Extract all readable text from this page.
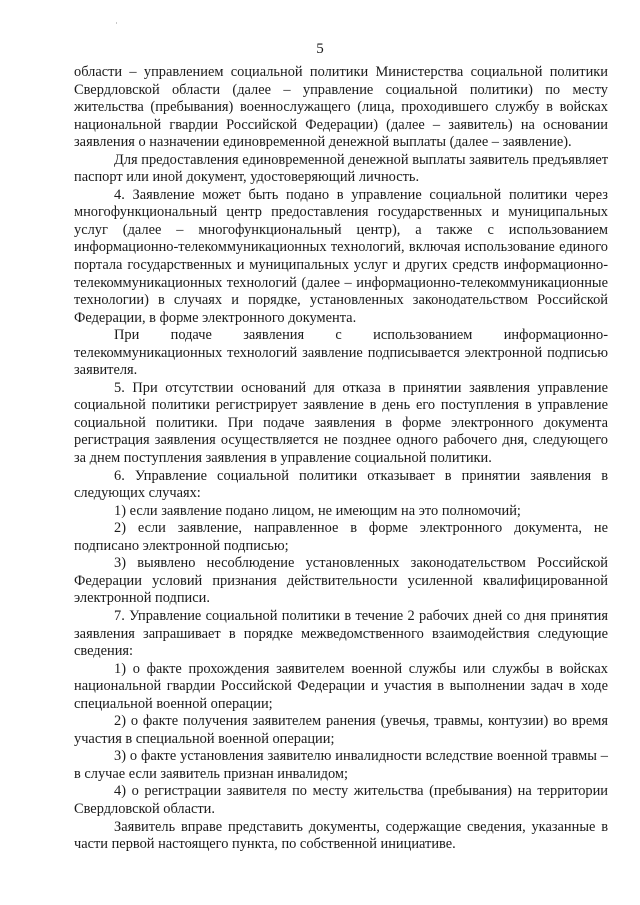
5

области – управлением социальной политики Министерства социальной политики Свердловской области (далее – управление социальной политики) по месту жительства (пребывания) военнослужащего (лица, проходившего службу в войсках национальной гвардии Российской Федерации) (далее – заявитель) на основании заявления о назначении единовременной денежной выплаты (далее – заявление).

Для предоставления единовременной денежной выплаты заявитель предъявляет паспорт или иной документ, удостоверяющий личность.

4. Заявление может быть подано в управление социальной политики через многофункциональный центр предоставления государственных и муниципальных услуг (далее – многофункциональный центр), а также с использованием информационно-телекоммуникационных технологий, включая использование единого портала государственных и муниципальных услуг и других средств информационно-телекоммуникационных технологий (далее – информационно-телекоммуникационные технологии) в случаях и порядке, установленных законодательством Российской Федерации, в форме электронного документа.

При подаче заявления с использованием информационно-телекоммуникационных технологий заявление подписывается электронной подписью заявителя.

5. При отсутствии оснований для отказа в принятии заявления управление социальной политики регистрирует заявление в день его поступления в управление социальной политики. При подаче заявления в форме электронного документа регистрация заявления осуществляется не позднее одного рабочего дня, следующего за днем поступления заявления в управление социальной политики.

6. Управление социальной политики отказывает в принятии заявления в следующих случаях:

1) если заявление подано лицом, не имеющим на это полномочий;

2) если заявление, направленное в форме электронного документа, не подписано электронной подписью;

3) выявлено несоблюдение установленных законодательством Российской Федерации условий признания действительности усиленной квалифицированной электронной подписи.

7. Управление социальной политики в течение 2 рабочих дней со дня принятия заявления запрашивает в порядке межведомственного взаимодействия следующие сведения:

1) о факте прохождения заявителем военной службы или службы в войсках национальной гвардии Российской Федерации и участия в выполнении задач в ходе специальной военной операции;

2) о факте получения заявителем ранения (увечья, травмы, контузии) во время участия в специальной военной операции;

3) о факте установления заявителю инвалидности вследствие военной травмы – в случае если заявитель признан инвалидом;

4) о регистрации заявителя по месту жительства (пребывания) на территории Свердловской области.

Заявитель вправе представить документы, содержащие сведения, указанные в части первой настоящего пункта, по собственной инициативе.
